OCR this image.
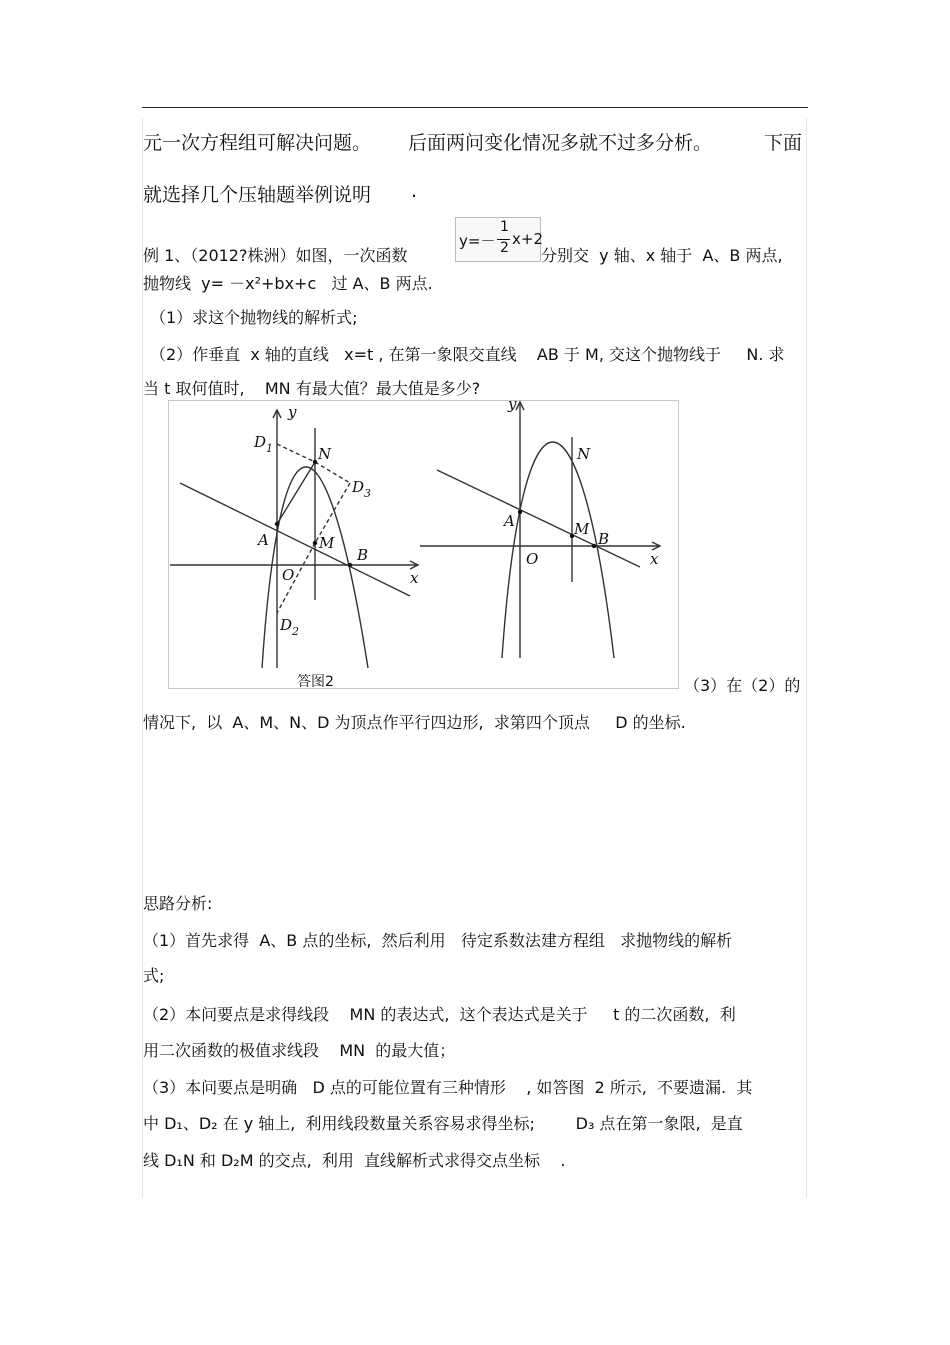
元一次方程组可解决问题。 后面两问变化情况多就不过多分析。	下面
就选择几个压轴题举例说明 .
例 1、（2012?株洲）如图，一次函数
y=－
1
2 x+2
分别交  y 轴、x 轴于  A、B 两点,
抛物线  y= －x²+bx+c   过 A、B 两点.
（1）求这个抛物线的解析式;
（2）作垂直  x 轴的直线   x=t , 在第一象限交直线    AB 于 M, 交这个抛物线于     N. 求
当 t 取何值时,    MN 有最大值？最大值是多少?
y
x
D 1	N
D 3
A	M
B
O
D 2
y
x
N
A	M
B
O
答图2	（3）在（2）的
情况下,  以  A、M、N、D 为顶点作平行四边形,  求第四个顶点     D 的坐标.
思路分析:
（1）首先求得  A、B 点的坐标,  然后利用   待定系数法建方程组   求抛物线的解析
式;
（2）本问要点是求得线段    MN 的表达式,  这个表达式是关于     t 的二次函数,  利
用二次函数的极值求线段    MN  的最大值；
（3）本问要点是明确   D 点的可能位置有三种情形    , 如答图  2 所示,  不要遗漏.  其
中 D₁、D₂ 在 y 轴上,  利用线段数量关系容易求得坐标;        D₃ 点在第一象限,  是直
线 D₁N 和 D₂M 的交点,  利用  直线解析式求得交点坐标    .
